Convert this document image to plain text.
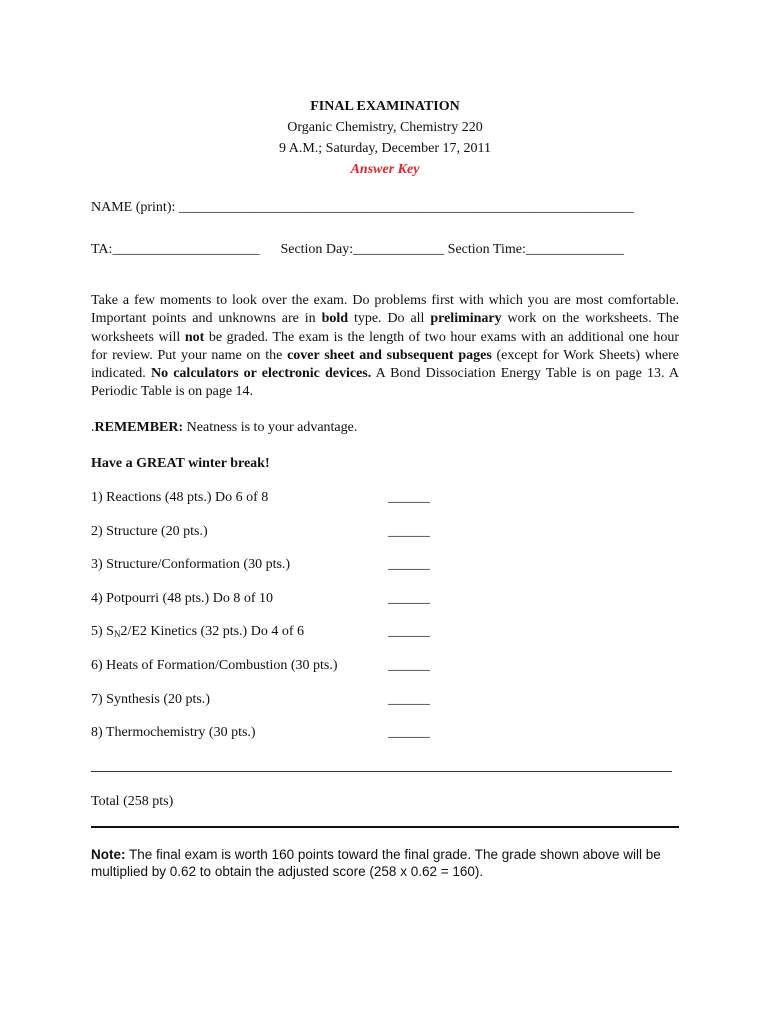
FINAL EXAMINATION
Organic Chemistry, Chemistry 220
9 A.M.; Saturday, December 17, 2011
Answer Key
NAME (print): _________________________________________________________________
TA:_____________________ Section Day:_____________ Section Time:______________
Take a few moments to look over the exam. Do problems first with which you are most comfortable. Important points and unknowns are in bold type. Do all preliminary work on the worksheets. The worksheets will not be graded. The exam is the length of two hour exams with an additional one hour for review. Put your name on the cover sheet and subsequent pages (except for Work Sheets) where indicated. No calculators or electronic devices. A Bond Dissociation Energy Table is on page 13. A Periodic Table is on page 14.
.REMEMBER: Neatness is to your advantage.
Have a GREAT winter break!
1) Reactions (48 pts.) Do 6 of 8	______
2) Structure (20 pts.)	______
3) Structure/Conformation (30 pts.)	______
4) Potpourri (48 pts.) Do 8 of 10	______
5) $S_N2/E2$ Kinetics (32 pts.) Do 4 of 6	______
6) Heats of Formation/Combustion (30 pts.)	______
7) Synthesis (20 pts.)	______
8) Thermochemistry (30 pts.)	______
Total (258 pts)
Note: The final exam is worth 160 points toward the final grade. The grade shown above will be multiplied by 0.62 to obtain the adjusted score (258 x 0.62 = 160).
